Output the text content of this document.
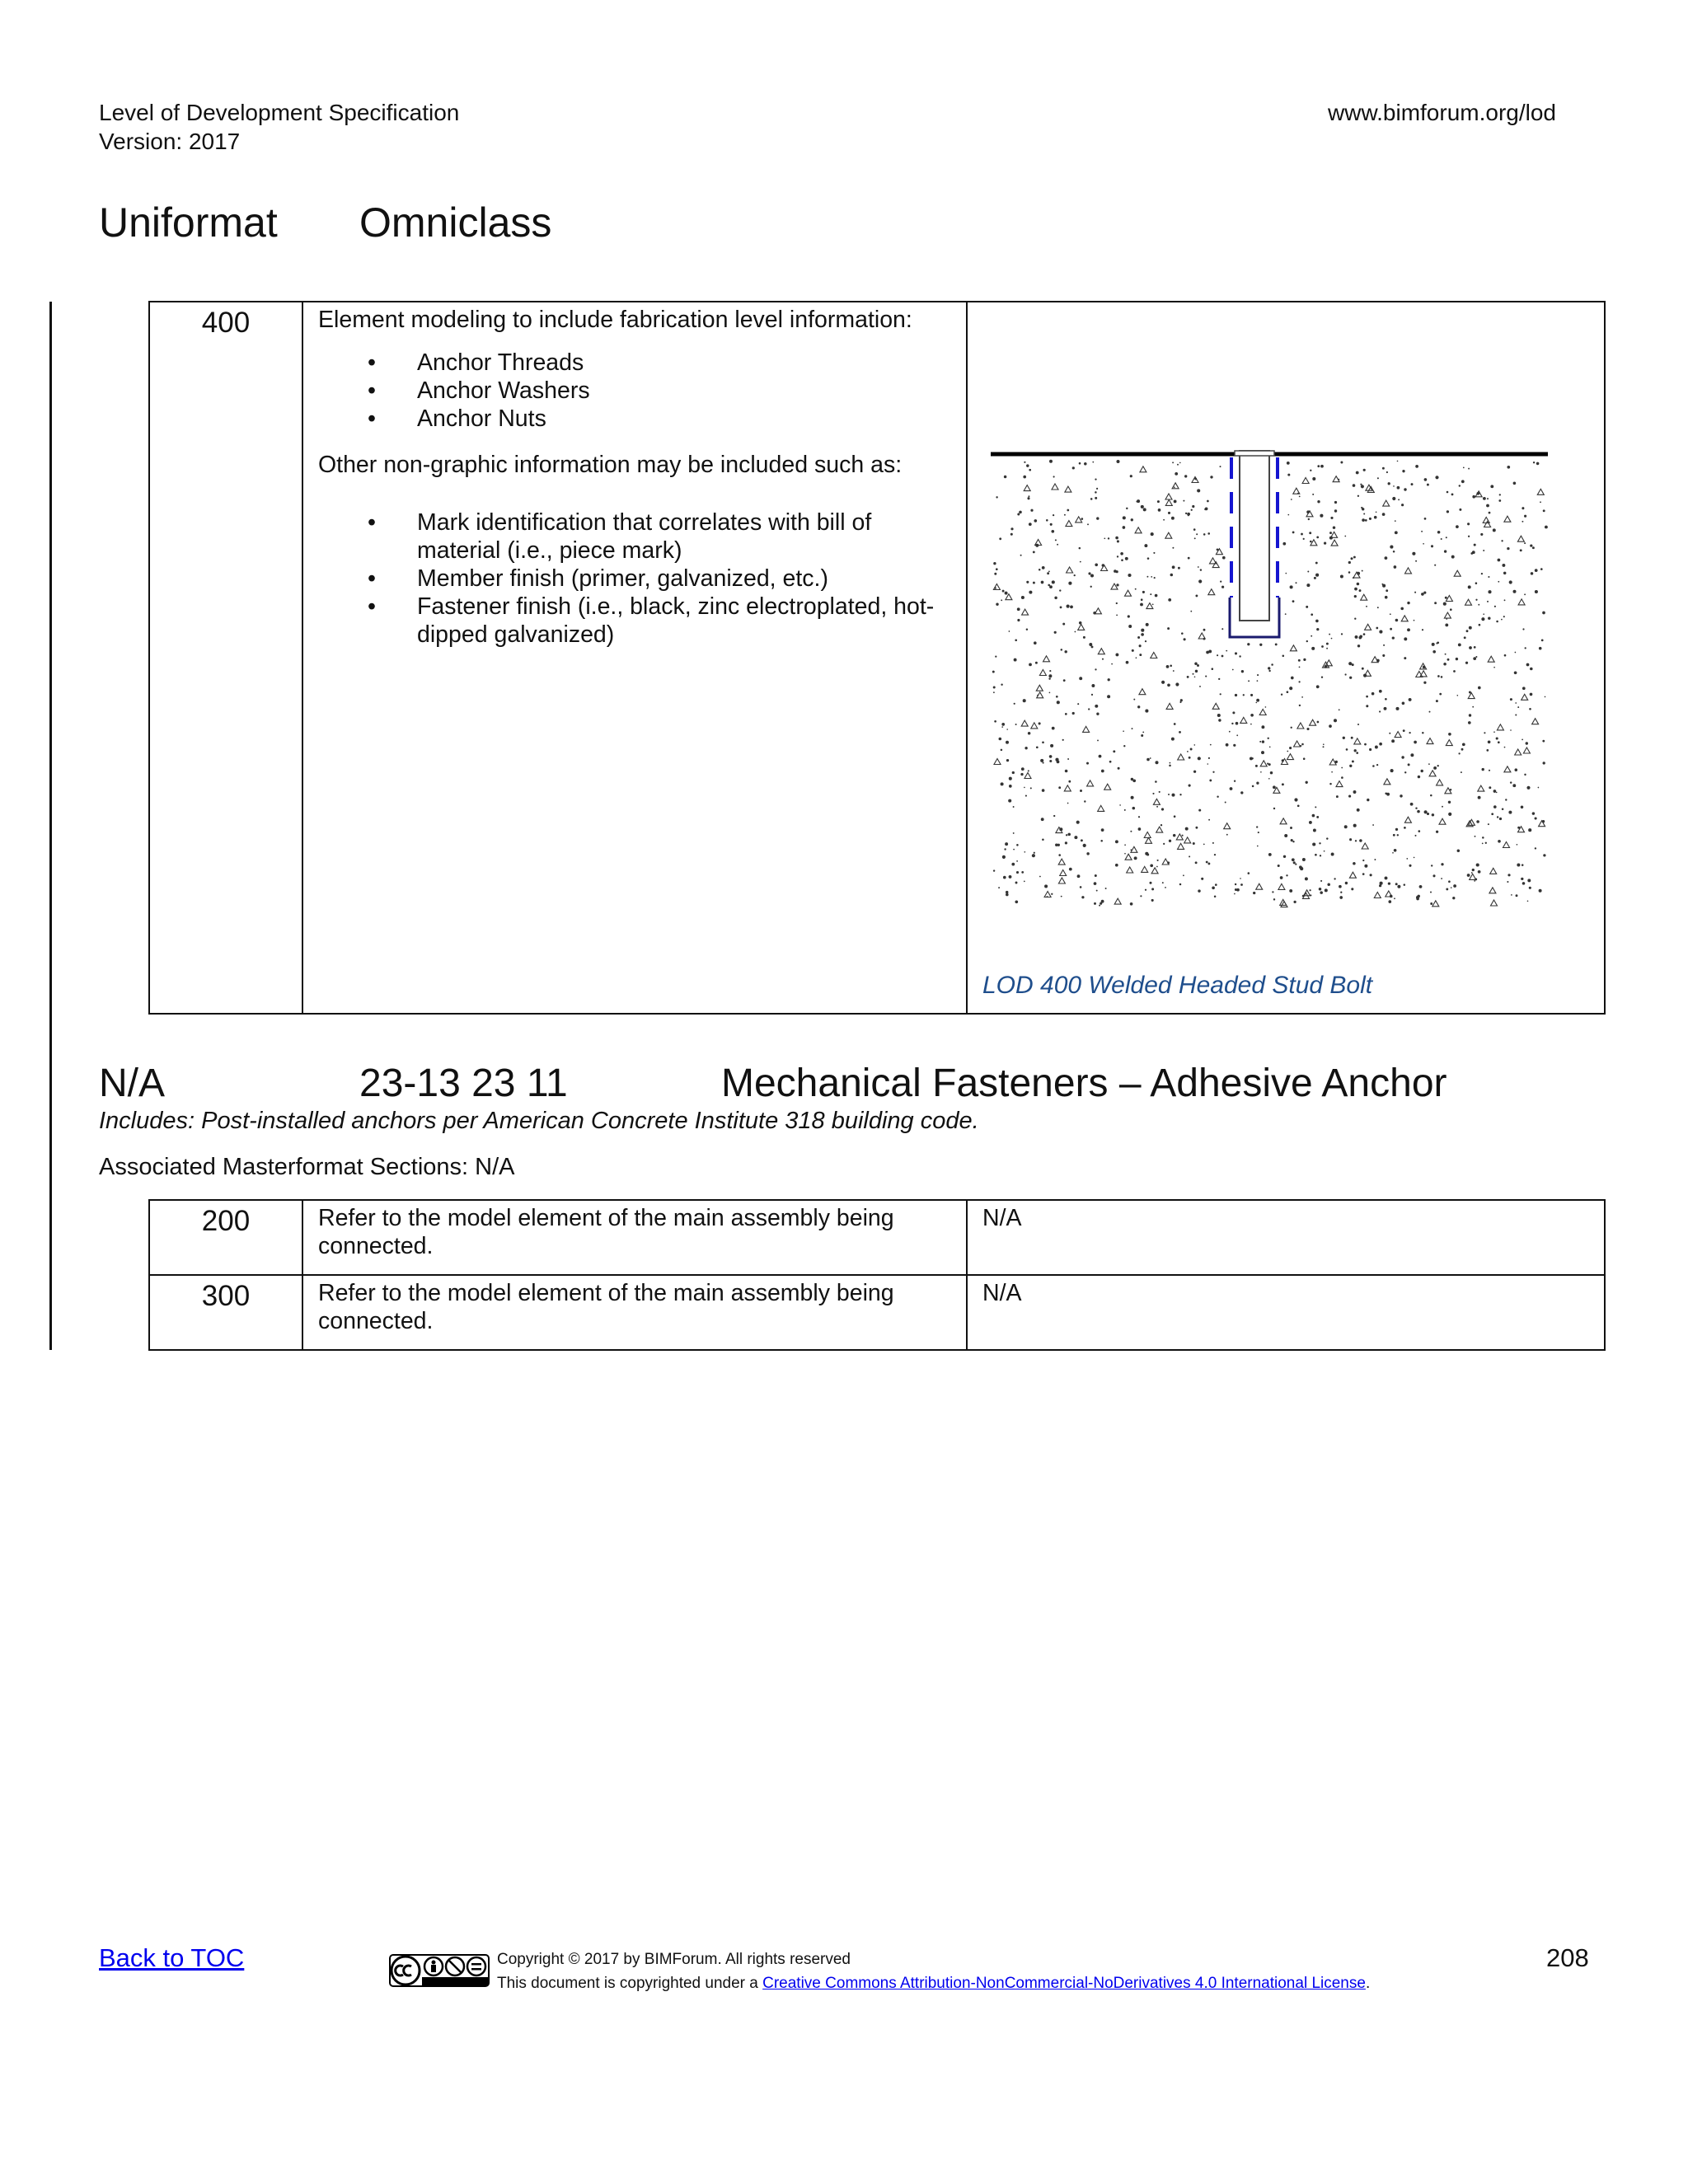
Level of Development Specification
Version: 2017
www.bimforum.org/lod
Uniformat Omniclass
400	Element modeling to include fabrication level information:

• Anchor Threads
• Anchor Washers
• Anchor Nuts

Other non-graphic information may be included such as:

• Mark identification that correlates with bill of material (i.e., piece mark)
• Member finish (primer, galvanized, etc.)
• Fastener finish (i.e., black, zinc electroplated, hot-dipped galvanized)

LOD 400 Welded Headed Stud Bolt
N/A	23-13 23 11	Mechanical Fasteners – Adhesive Anchor
Includes: Post-installed anchors per American Concrete Institute 318 building code.
Associated Masterformat Sections: N/A
200	Refer to the model element of the main assembly being connected.	N/A
300	Refer to the model element of the main assembly being connected.	N/A
Back to TOC	Copyright © 2017 by BIMForum. All rights reserved
This document is copyrighted under a Creative Commons Attribution-NonCommercial-NoDerivatives 4.0 International License.
208
